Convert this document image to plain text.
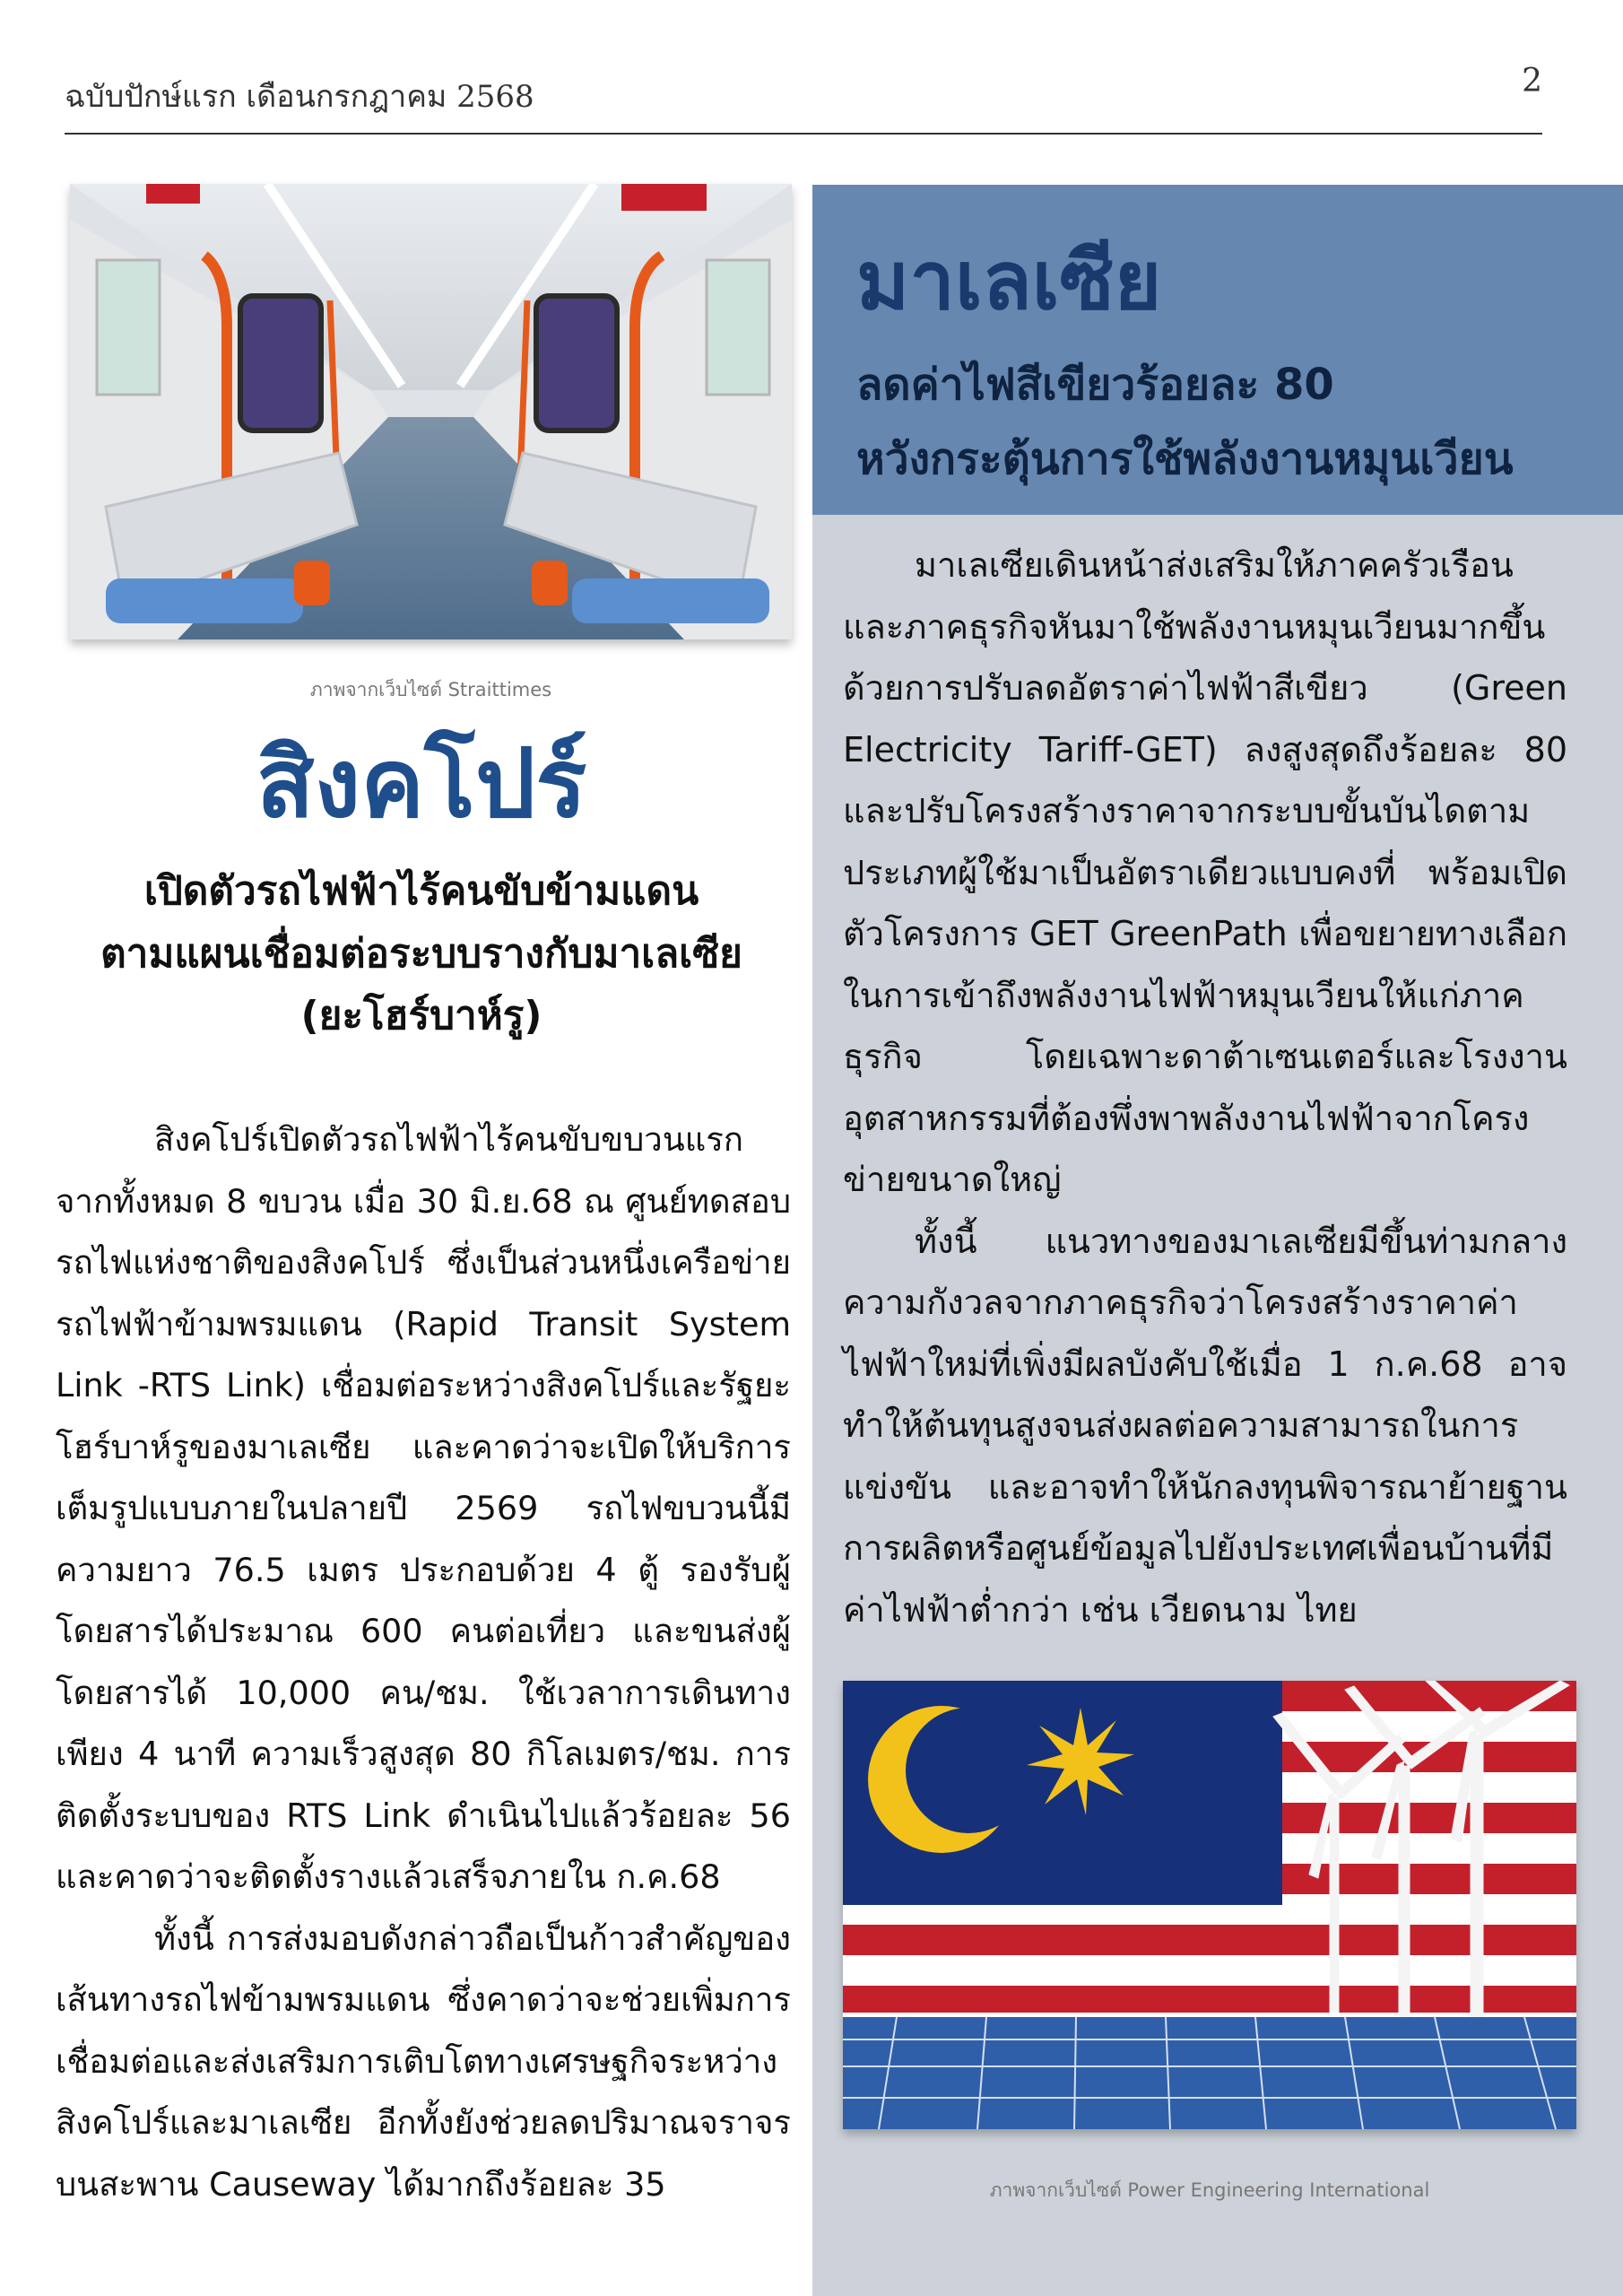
ฉบับปักษ์แรก เดือนกรกฎาคม 2568	2
ภาพจากเว็บไซต์ Straittimes
สิงคโปร์
เปิดตัวรถไฟฟ้าไร้คนขับข้ามแดน
ตามแผนเชื่อมต่อระบบรางกับมาเลเซีย
(ยะโฮร์บาห์รู)

สิงคโปร์เปิดตัวรถไฟฟ้าไร้คนขับขบวนแรกจากทั้งหมด 8 ขบวน เมื่อ 30 มิ.ย.68 ณ ศูนย์ทดสอบรถไฟแห่งชาติของสิงคโปร์ ซึ่งเป็นส่วนหนึ่งเครือข่ายรถไฟฟ้าข้ามพรมแดน (Rapid Transit System Link -RTS Link) เชื่อมต่อระหว่างสิงคโปร์และรัฐยะโฮร์บาห์รูของมาเลเซีย และคาดว่าจะเปิดให้บริการเต็มรูปแบบภายในปลายปี 2569 รถไฟขบวนนี้มีความยาว 76.5 เมตร ประกอบด้วย 4 ตู้ รองรับผู้โดยสารได้ประมาณ 600 คนต่อเที่ยว และขนส่งผู้โดยสารได้ 10,000 คน/ชม. ใช้เวลาการเดินทางเพียง 4 นาที ความเร็วสูงสุด 80 กิโลเมตร/ชม. การติดตั้งระบบของ RTS Link ดำเนินไปแล้วร้อยละ 56 และคาดว่าจะติดตั้งรางแล้วเสร็จภายใน ก.ค.68

ทั้งนี้ การส่งมอบดังกล่าวถือเป็นก้าวสำคัญของเส้นทางรถไฟข้ามพรมแดน ซึ่งคาดว่าจะช่วยเพิ่มการเชื่อมต่อและส่งเสริมการเติบโตทางเศรษฐกิจระหว่างสิงคโปร์และมาเลเซีย อีกทั้งยังช่วยลดปริมาณจราจรบนสะพาน Causeway ได้มากถึงร้อยละ 35

มาเลเซีย
ลดค่าไฟสีเขียวร้อยละ 80
หวังกระตุ้นการใช้พลังงานหมุนเวียน

มาเลเซียเดินหน้าส่งเสริมให้ภาคครัวเรือนและภาคธุรกิจหันมาใช้พลังงานหมุนเวียนมากขึ้นด้วยการปรับลดอัตราค่าไฟฟ้าสีเขียว (Green Electricity Tariff-GET) ลงสูงสุดถึงร้อยละ 80 และปรับโครงสร้างราคาจากระบบขั้นบันไดตามประเภทผู้ใช้มาเป็นอัตราเดียวแบบคงที่ พร้อมเปิดตัวโครงการ GET GreenPath เพื่อขยายทางเลือกในการเข้าถึงพลังงานไฟฟ้าหมุนเวียนให้แก่ภาคธุรกิจ โดยเฉพาะดาต้าเซนเตอร์และโรงงานอุตสาหกรรมที่ต้องพึ่งพาพลังงานไฟฟ้าจากโครงข่ายขนาดใหญ่

ทั้งนี้ แนวทางของมาเลเซียมีขึ้นท่ามกลางความกังวลจากภาคธุรกิจว่าโครงสร้างราคาค่าไฟฟ้าใหม่ที่เพิ่งมีผลบังคับใช้เมื่อ 1 ก.ค.68 อาจทำให้ต้นทุนสูงจนส่งผลต่อความสามารถในการแข่งขัน และอาจทำให้นักลงทุนพิจารณาย้ายฐานการผลิตหรือศูนย์ข้อมูลไปยังประเทศเพื่อนบ้านที่มีค่าไฟฟ้าต่ำกว่า เช่น เวียดนาม ไทย

ภาพจากเว็บไซต์ Power Engineering International
